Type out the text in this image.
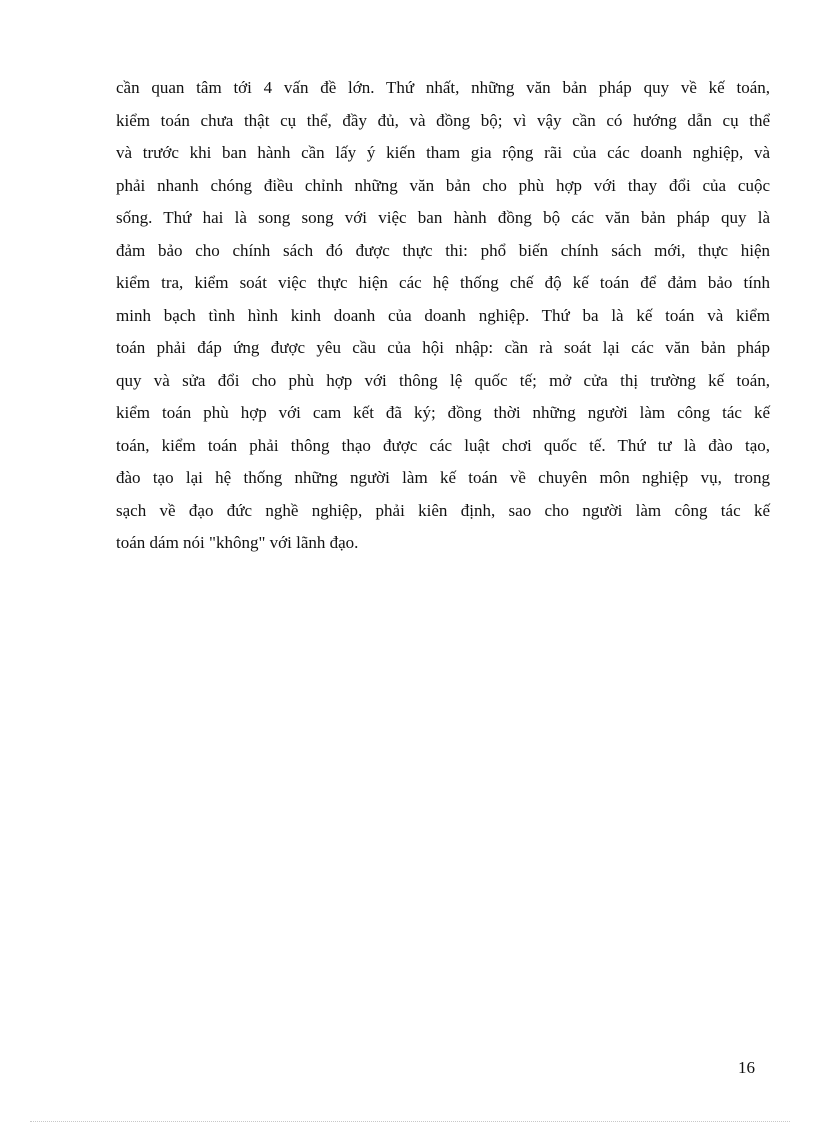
cần quan tâm tới 4 vấn đề lớn. Thứ nhất, những văn bản pháp quy về kế toán,
kiểm toán chưa thật cụ thể, đầy đủ, và đồng bộ; vì vậy cần có hướng dẫn cụ thể
và trước khi ban hành cần lấy ý kiến tham gia rộng rãi của các doanh nghiệp, và
phải nhanh chóng điều chỉnh những văn bản cho phù hợp với thay đổi của cuộc
sống. Thứ hai là song song với việc ban hành đồng bộ các văn bản pháp quy là
đảm bảo cho chính sách đó được thực thi: phổ biến chính sách mới, thực hiện
kiểm tra, kiểm soát việc thực hiện các hệ thống chế độ kế toán để đảm bảo tính
minh bạch tình hình kinh doanh của doanh nghiệp. Thứ ba là kế toán và kiểm
toán phải đáp ứng được yêu cầu của hội nhập: cần rà soát lại các văn bản pháp
quy và sửa đổi cho phù hợp với thông lệ quốc tế; mở cửa thị trường kế toán,
kiểm toán phù hợp với cam kết đã ký; đồng thời những người làm công tác kế
toán, kiểm toán phải thông thạo được các luật chơi quốc tế. Thứ tư là đào tạo,
đào tạo lại hệ thống những người làm kế toán về chuyên môn nghiệp vụ, trong
sạch về đạo đức nghề nghiệp, phải kiên định, sao cho người làm công tác kế
toán dám nói "không" với lãnh đạo.

16
